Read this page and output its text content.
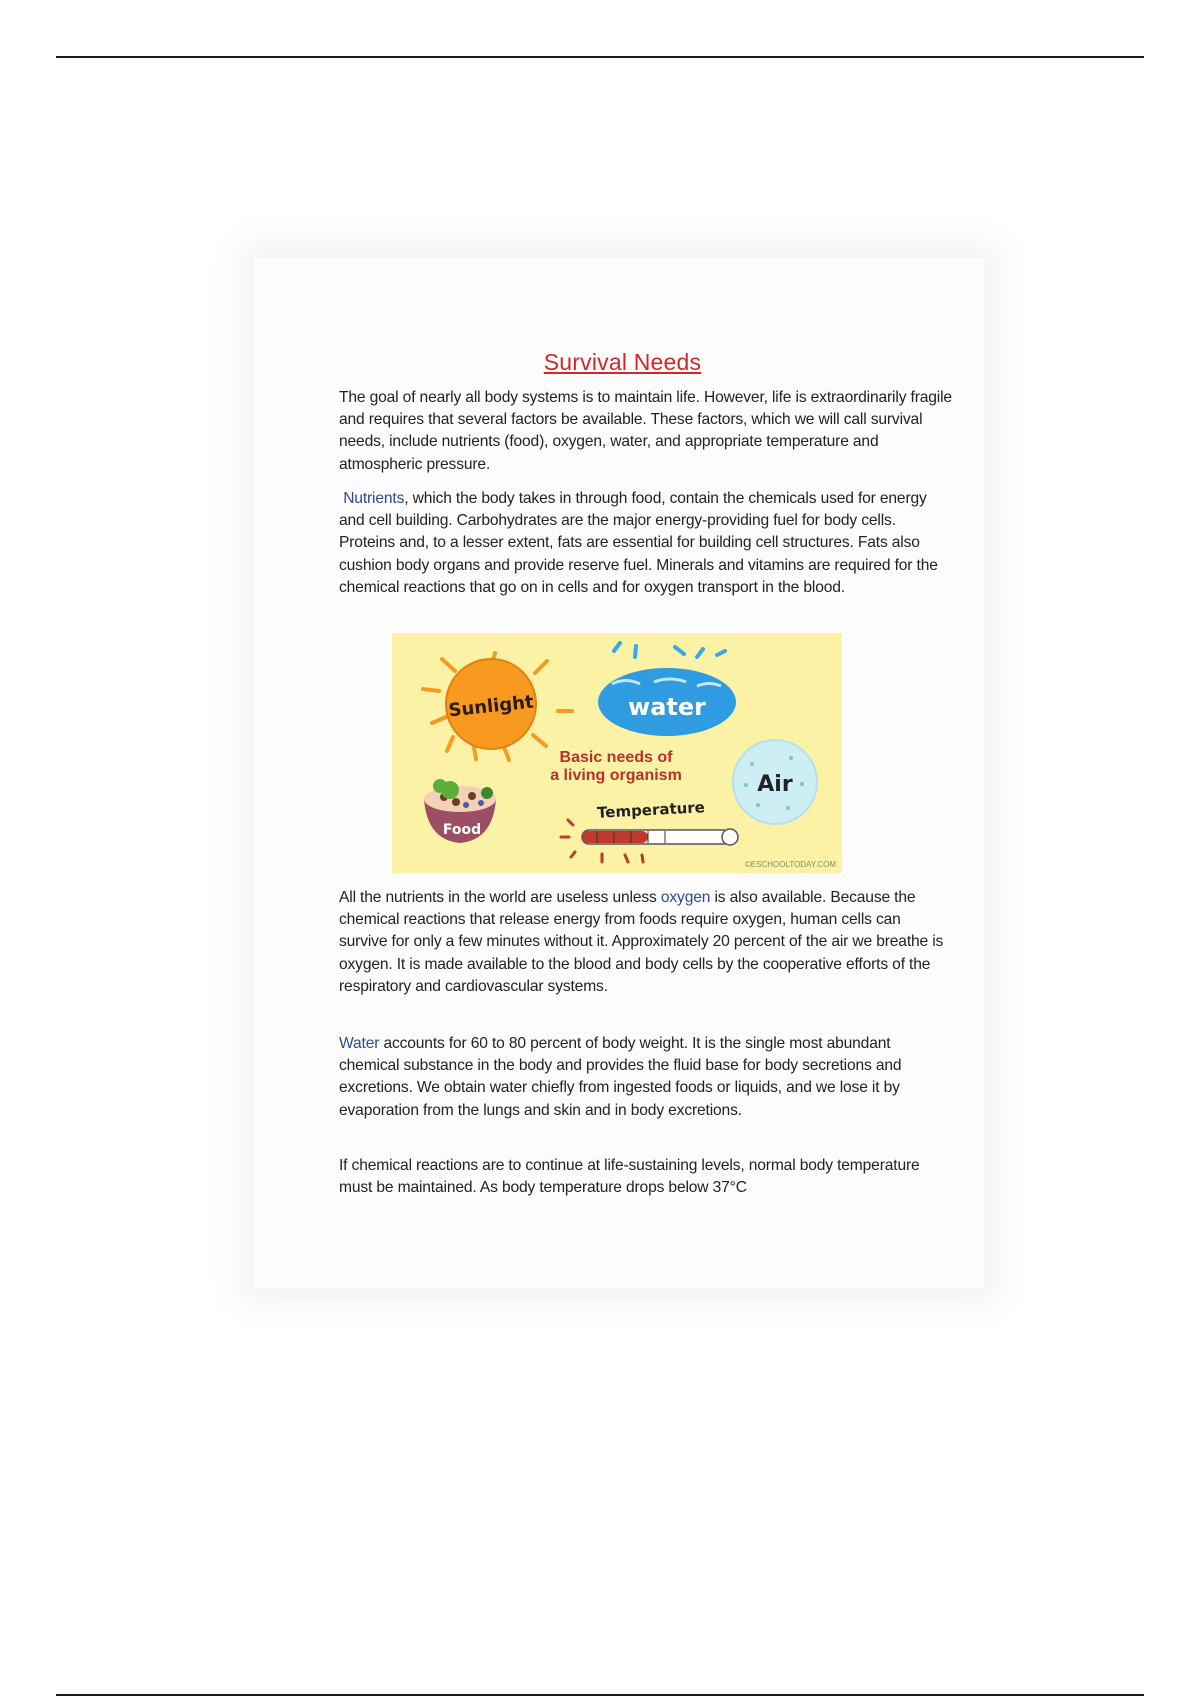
Survival Needs

The goal of nearly all body systems is to maintain life. However, life is extraordinarily fragile and requires that several factors be available. These factors, which we will call survival needs, include nutrients (food), oxygen, water, and appropriate temperature and atmospheric pressure.

Nutrients, which the body takes in through food, contain the chemicals used for energy and cell building. Carbohydrates are the major energy-providing fuel for body cells. Proteins and, to a lesser extent, fats are essential for building cell structures. Fats also cushion body organs and provide reserve fuel. Minerals and vitamins are required for the chemical reactions that go on in cells and for oxygen transport in the blood.

Sunlight	water
Basic needs of
a living organism	Air
Food
Temperature
©ESCHOOLTODAY.COM

All the nutrients in the world are useless unless oxygen is also available. Because the chemical reactions that release energy from foods require oxygen, human cells can survive for only a few minutes without it. Approximately 20 percent of the air we breathe is oxygen. It is made available to the blood and body cells by the cooperative efforts of the respiratory and cardiovascular systems.

Water accounts for 60 to 80 percent of body weight. It is the single most abundant chemical substance in the body and provides the fluid base for body secretions and excretions. We obtain water chiefly from ingested foods or liquids, and we lose it by evaporation from the lungs and skin and in body excretions.

If chemical reactions are to continue at life-sustaining levels, normal body temperature must be maintained. As body temperature drops below 37°C
